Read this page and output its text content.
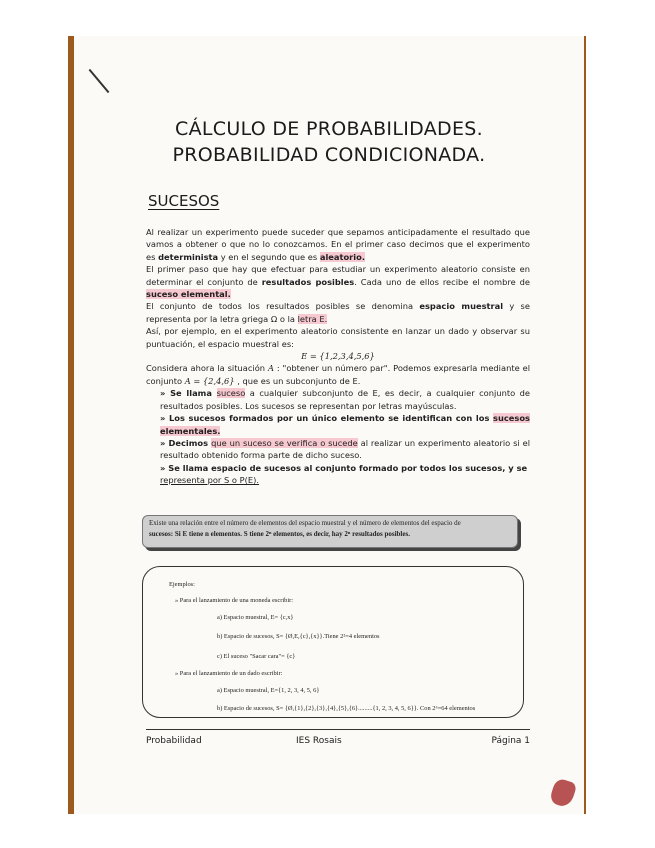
CÁLCULO DE PROBABILIDADES.
PROBABILIDAD CONDICIONADA.
SUCESOS

Al realizar un experimento puede suceder que sepamos anticipadamente el resultado que vamos a obtener o que no lo conozcamos. En el primer caso decimos que el experimento es determinista y en el segundo que es aleatorio.

El primer paso que hay que efectuar para estudiar un experimento aleatorio consiste en determinar el conjunto de resultados posibles. Cada uno de ellos recibe el nombre de suceso elemental.

El conjunto de todos los resultados posibles se denomina espacio muestral y se representa por la letra griega Ω o la letra E.

Así, por ejemplo, en el experimento aleatorio consistente en lanzar un dado y observar su puntuación, el espacio muestral es:

E = {1,2,3,4,5,6}

Considera ahora la situación A : "obtener un número par". Podemos expresarla mediante el conjunto A = {2,4,6} , que es un subconjunto de E.

» Se llama suceso a cualquier subconjunto de E, es decir, a cualquier conjunto de resultados posibles. Los sucesos se representan por letras mayúsculas.

» Los sucesos formados por un único elemento se identifican con los sucesos elementales.

» Decimos que un suceso se verifica o sucede al realizar un experimento aleatorio si el resultado obtenido forma parte de dicho suceso.

» Se llama espacio de sucesos al conjunto formado por todos los sucesos, y se
representa por S o P(E).

Existe una relación entre el número de elementos del espacio muestral y el número de elementos del espacio de
sucesos: Si E tiene n elementos. S tiene 2ⁿ elementos, es decir, hay 2ⁿ resultados posibles.
Ejemplos:
» Para el lanzamiento de una moneda escribir:
a) Espacio muestral, E= {c,x}
b) Espacio de sucesos, S= {Ø,E,{c},{x}}.Tiene 2²=4 elementos
c) El suceso "Sacar cara"= {c}
» Para el lanzamiento de un dado escribir:
a) Espacio muestral, E={1, 2, 3, 4, 5, 6}
b) Espacio de sucesos, S= {Ø,{1},{2},{3},{4},{5},{6}.........{1, 2, 3, 4, 5, 6}}. Con 2⁶=64 elementos
Probabilidad	IES Rosais	Página 1
